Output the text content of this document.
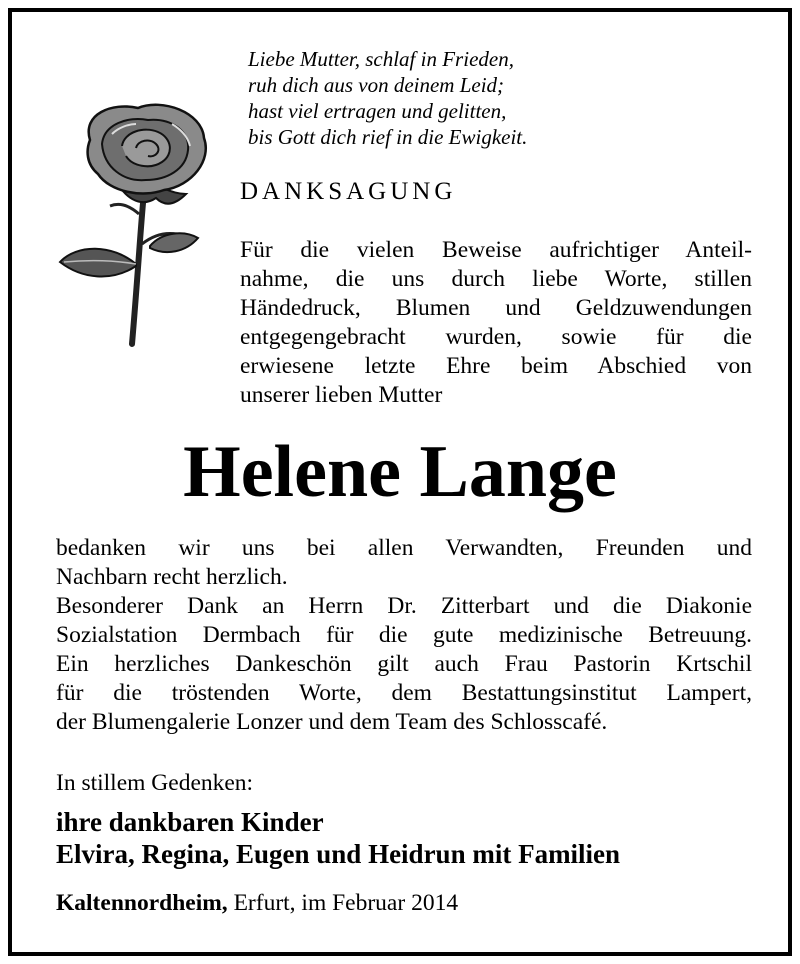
Liebe Mutter, schlaf in Frieden,
ruh dich aus von deinem Leid;
hast viel ertragen und gelitten,
bis Gott dich rief in die Ewigkeit.
DANKSAGUNG
Für die vielen Beweise aufrichtiger Anteil-
nahme, die uns durch liebe Worte, stillen
Händedruck, Blumen und Geldzuwendungen
entgegengebracht wurden, sowie für die
erwiesene letzte Ehre beim Abschied von
unserer lieben Mutter
Helene Lange
bedanken wir uns bei allen Verwandten, Freunden und
Nachbarn recht herzlich.
Besonderer Dank an Herrn Dr. Zitterbart und die Diakonie
Sozialstation Dermbach für die gute medizinische Betreuung.
Ein herzliches Dankeschön gilt auch Frau Pastorin Krtschil
für die tröstenden Worte, dem Bestattungsinstitut Lampert,
der Blumengalerie Lonzer und dem Team des Schlosscafé.
In stillem Gedenken:
ihre dankbaren Kinder
Elvira, Regina, Eugen und Heidrun mit Familien
Kaltennordheim, Erfurt, im Februar 2014
